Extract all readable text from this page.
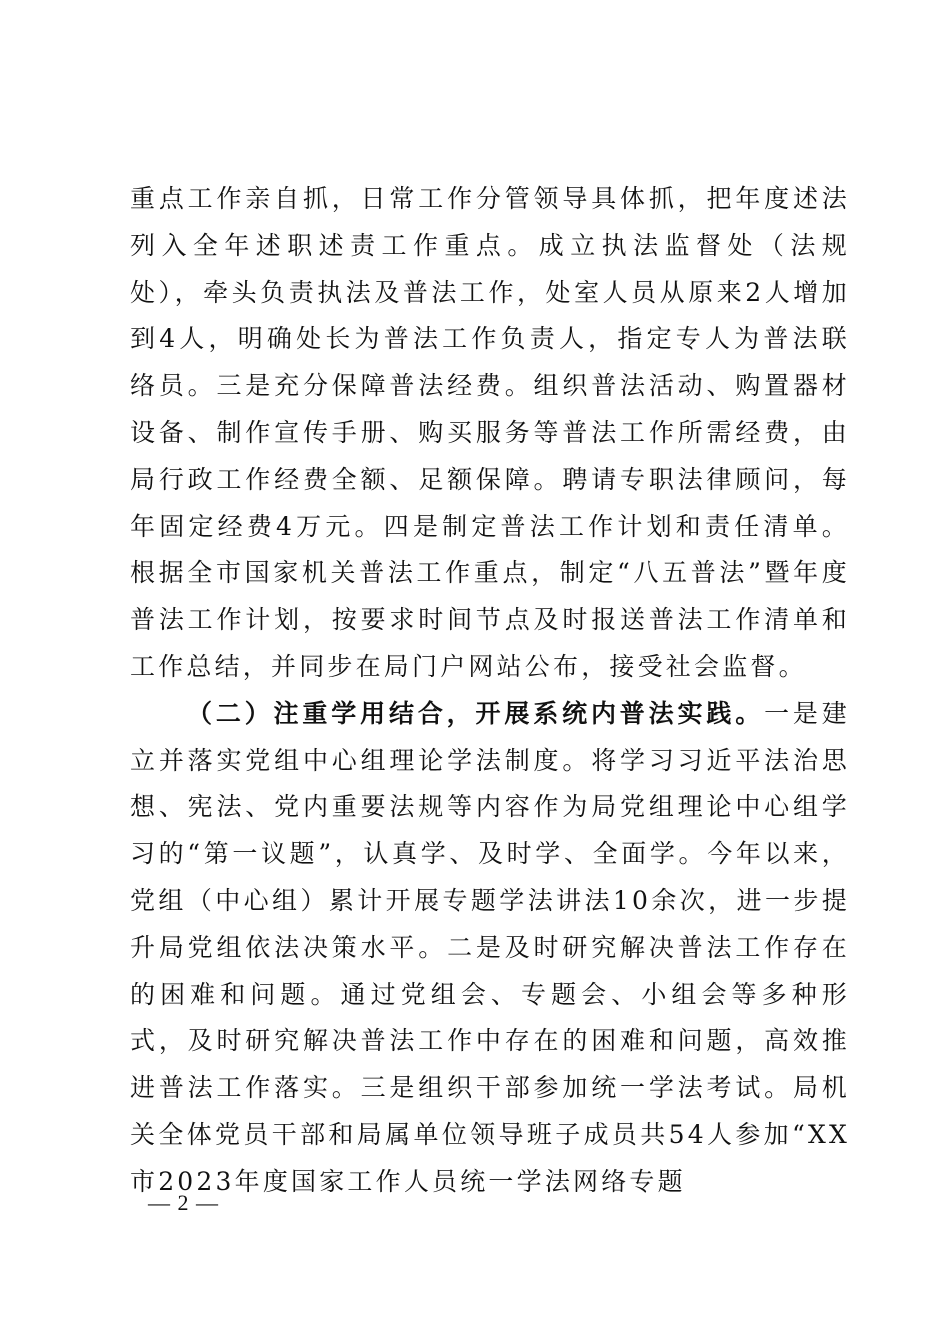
重点工作亲自抓，日常工作分管领导具体抓，把年度述法列入全年述职述责工作重点。成立执法监督处（法规处），牵头负责执法及普法工作，处室人员从原来2人增加到4人，明确处长为普法工作负责人，指定专人为普法联络员。三是充分保障普法经费。组织普法活动、购置器材设备、制作宣传手册、购买服务等普法工作所需经费，由局行政工作经费全额、足额保障。聘请专职法律顾问，每年固定经费4万元。四是制定普法工作计划和责任清单。根据全市国家机关普法工作重点，制定“八五普法”暨年度普法工作计划，按要求时间节点及时报送普法工作清单和工作总结，并同步在局门户网站公布，接受社会监督。

（二）注重学用结合，开展系统内普法实践。一是建立并落实党组中心组理论学法制度。将学习习近平法治思想、宪法、党内重要法规等内容作为局党组理论中心组学习的“第一议题”，认真学、及时学、全面学。今年以来，党组（中心组）累计开展专题学法讲法10余次，进一步提升局党组依法决策水平。二是及时研究解决普法工作存在的困难和问题。通过党组会、专题会、小组会等多种形式，及时研究解决普法工作中存在的困难和问题，高效推进普法工作落实。三是组织干部参加统一学法考试。局机关全体党员干部和局属单位领导班子成员共54人参加“XX市2023年度国家工作人员统一学法网络专题

— 2 —
